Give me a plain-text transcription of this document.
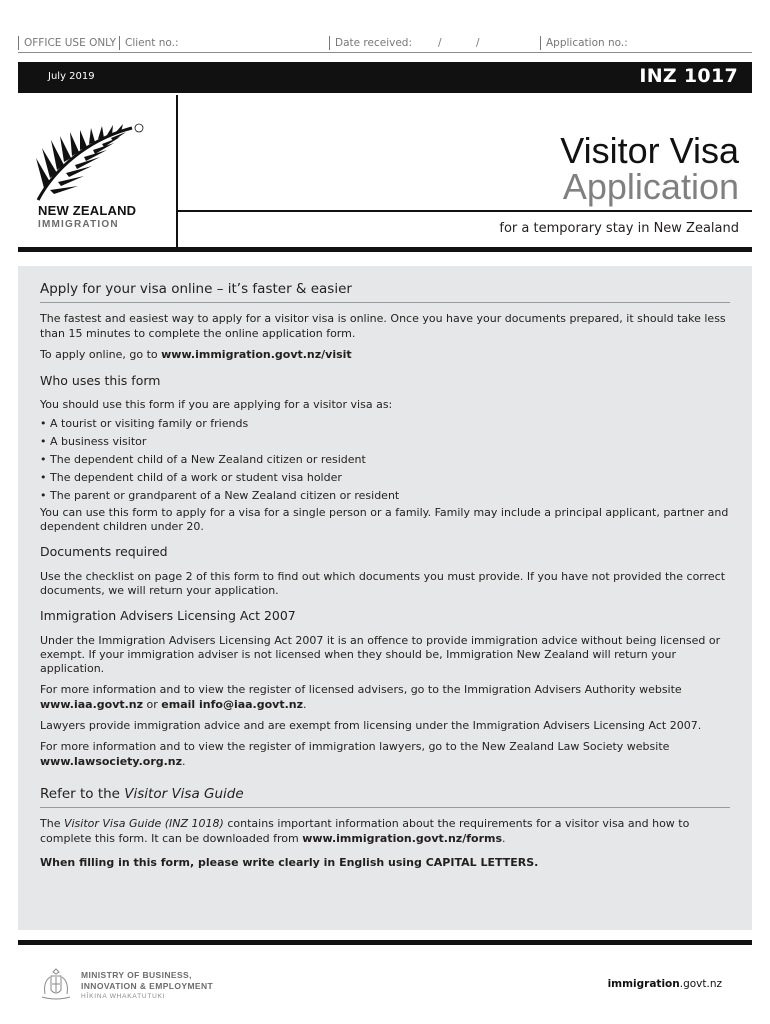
OFFICE USE ONLY Client no.:	Date received: /	/	Application no.:
July 2019	INZ 1017
NEW ZEALAND
IMMIGRATION
Visitor Visa
Application
for a temporary stay in New Zealand
Apply for your visa online – it’s faster & easier

The fastest and easiest way to apply for a visitor visa is online. Once you have your documents prepared, it should take less than 15 minutes to complete the online application form.

To apply online, go to www.immigration.govt.nz/visit

Who uses this form

You should use this form if you are applying for a visitor visa as:

• A tourist or visiting family or friends
• A business visitor
• The dependent child of a New Zealand citizen or resident
• The dependent child of a work or student visa holder
• The parent or grandparent of a New Zealand citizen or resident

You can use this form to apply for a visa for a single person or a family. Family may include a principal applicant, partner and dependent children under 20.

Documents required

Use the checklist on page 2 of this form to find out which documents you must provide. If you have not provided the correct documents, we will return your application.

Immigration Advisers Licensing Act 2007

Under the Immigration Advisers Licensing Act 2007 it is an offence to provide immigration advice without being licensed or exempt. If your immigration adviser is not licensed when they should be, Immigration New Zealand will return your application.

For more information and to view the register of licensed advisers, go to the Immigration Advisers Authority website www.iaa.govt.nz or email info@iaa.govt.nz.

Lawyers provide immigration advice and are exempt from licensing under the Immigration Advisers Licensing Act 2007.

For more information and to view the register of immigration lawyers, go to the New Zealand Law Society website www.lawsociety.org.nz.

Refer to the Visitor Visa Guide

The Visitor Visa Guide (INZ 1018) contains important information about the requirements for a visitor visa and how to complete this form. It can be downloaded from www.immigration.govt.nz/forms.

When filling in this form, please write clearly in English using CAPITAL LETTERS.

MINISTRY OF BUSINESS,
INNOVATION & EMPLOYMENT
HĪKINA WHAKATUTUKI
immigration.govt.nz
